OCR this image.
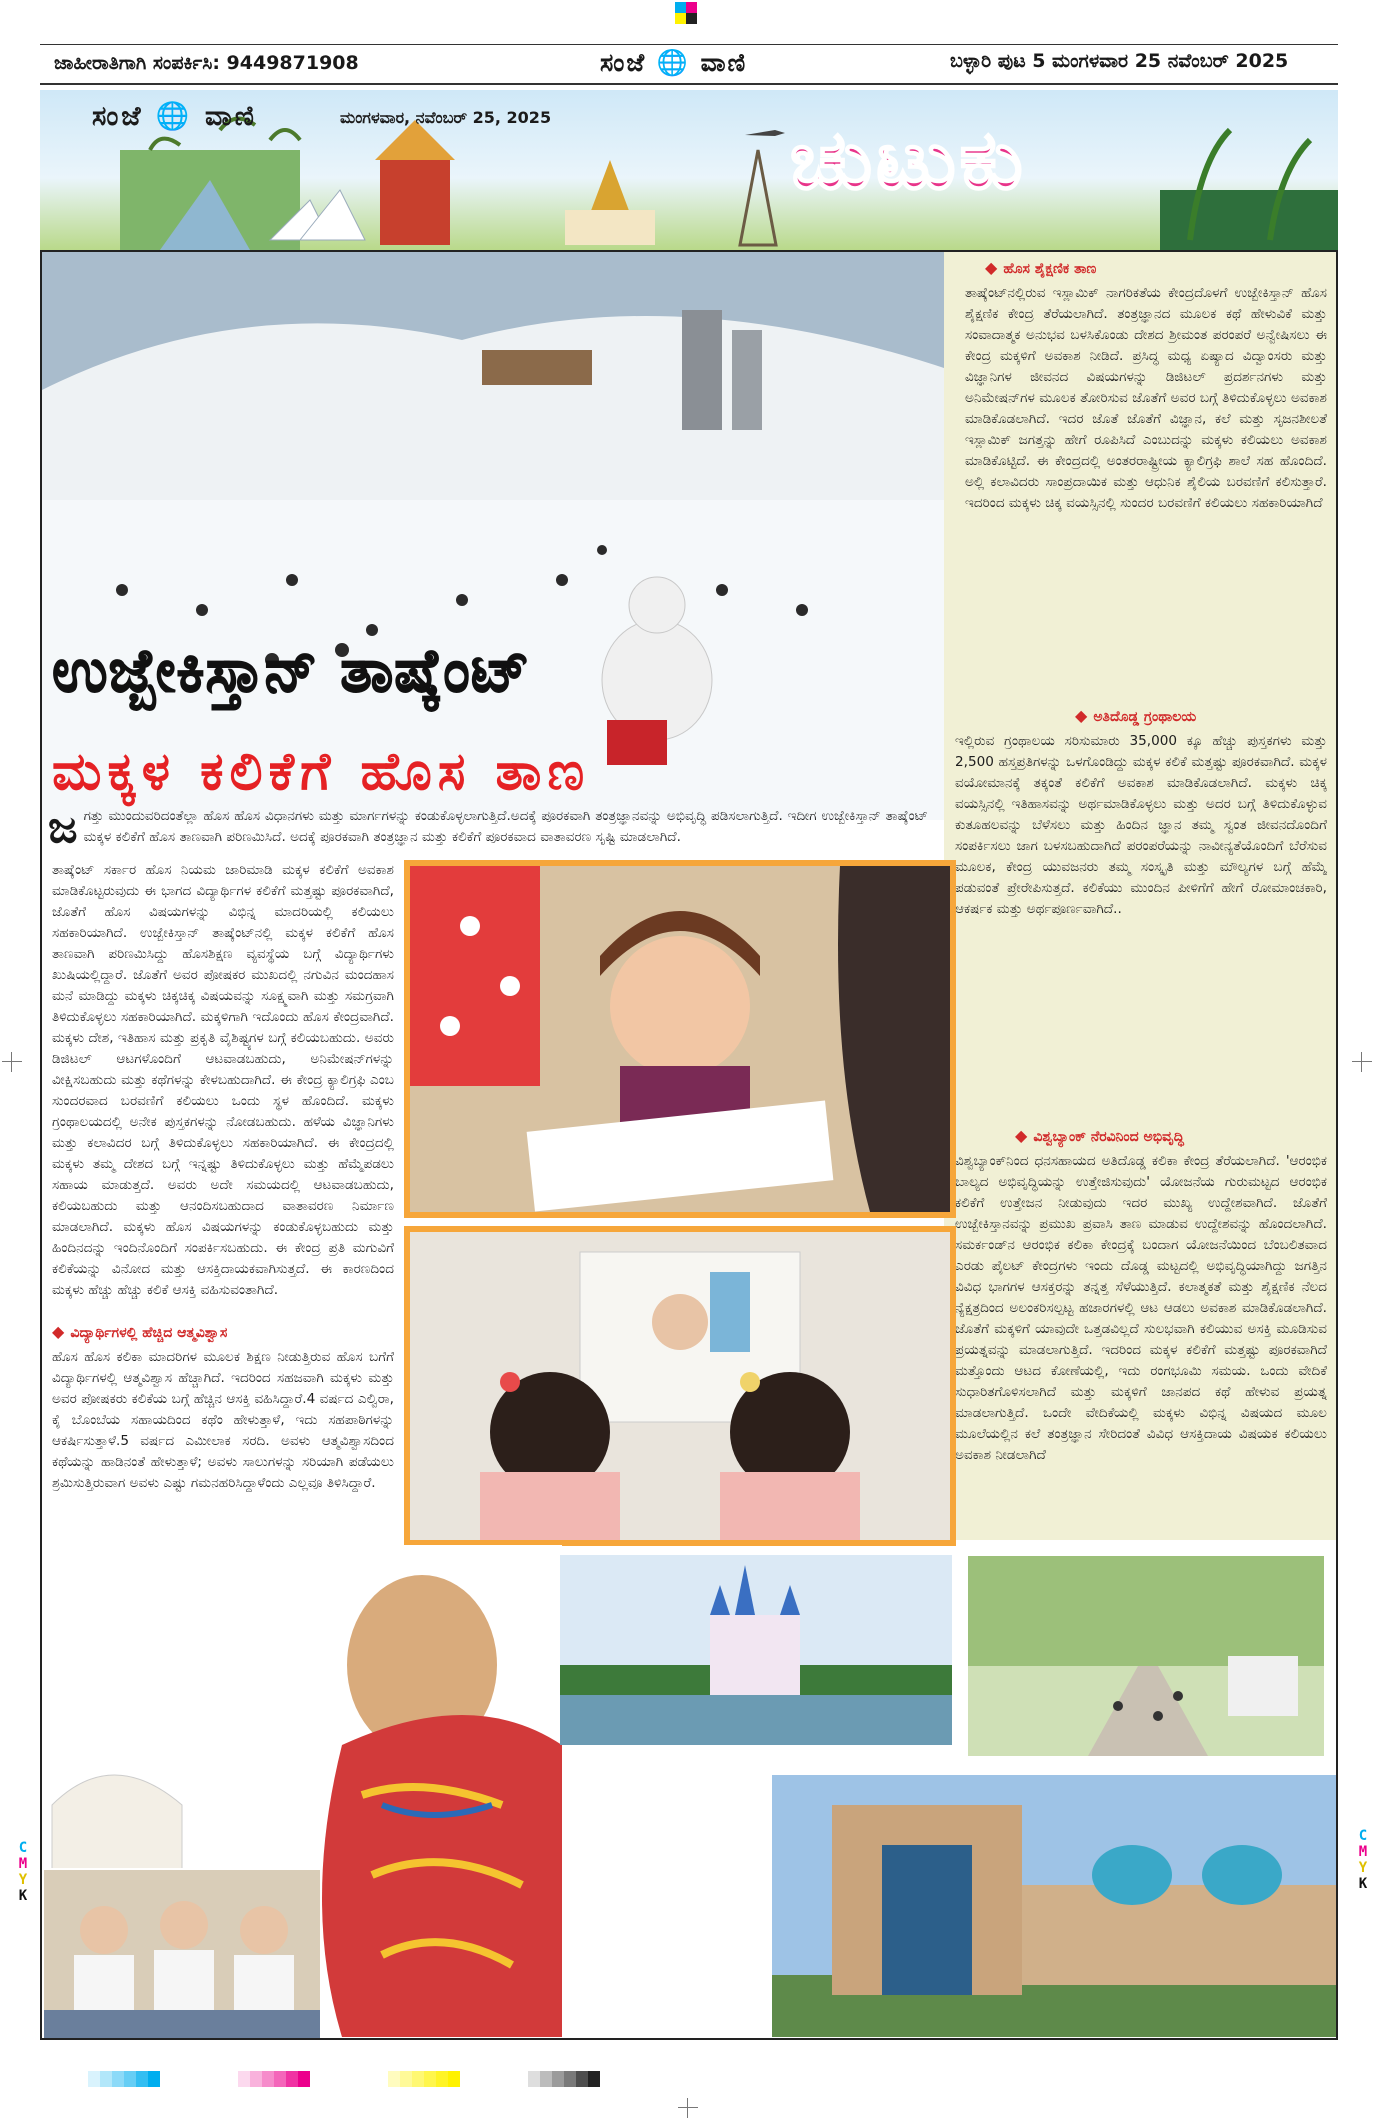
C
M
Y
K
C
M
Y
K
ಜಾಹೀರಾತಿಗಾಗಿ ಸಂಪರ್ಕಿಸಿ: 9449871908	ಸಂಜೆ 🌐 ವಾಣಿ	ಬಳ್ಳಾರಿ ಪುಟ 5 ಮಂಗಳವಾರ 25 ನವೆಂಬರ್ 2025
ಸಂಜೆ 🌐 ವಾಣಿ	ಮಂಗಳವಾರ, ನವೆಂಬರ್ 25, 2025	ಚುಟುಕು
ಉಜ್ಬೇಕಿಸ್ತಾನ್ ತಾಷ್ಕೆಂಟ್
ಮಕ್ಕಳ ಕಲಿಕೆಗೆ ಹೊಸ ತಾಣ
◆ ಹೊಸ ಶೈಕ್ಷಣಿಕ ತಾಣ
ತಾಷ್ಕೆಂಟ್‌ನಲ್ಲಿರುವ ಇಸ್ಲಾಮಿಕ್ ನಾಗರಿಕತೆಯ ಕೇಂದ್ರದೊಳಗೆ ಉಜ್ಬೇಕಿಸ್ತಾನ್ ಹೊಸ ಶೈಕ್ಷಣಿಕ ಕೇಂದ್ರ ತೆರೆಯಲಾಗಿದೆ. ತಂತ್ರಜ್ಞಾನದ ಮೂಲಕ ಕಥೆ ಹೇಳುವಿಕೆ ಮತ್ತು ಸಂವಾದಾತ್ಮಕ ಅನುಭವ ಬಳಸಿಕೊಂಡು ದೇಶದ ಶ್ರೀಮಂತ ಪರಂಪರೆ ಅನ್ವೇಷಿಸಲು ಈ ಕೇಂದ್ರ ಮಕ್ಕಳಿಗೆ ಅವಕಾಶ ನೀಡಿದೆ. ಪ್ರಸಿದ್ಧ ಮಧ್ಯ ಏಷ್ಯಾದ ವಿದ್ವಾಂಸರು ಮತ್ತು ವಿಜ್ಞಾನಿಗಳ ಜೀವನದ ವಿಷಯಗಳನ್ನು ಡಿಜಿಟಲ್ ಪ್ರದರ್ಶನಗಳು ಮತ್ತು ಅನಿಮೇಷನ್‌ಗಳ ಮೂಲಕ ತೋರಿಸುವ ಜೊತೆಗೆ ಅವರ ಬಗ್ಗೆ ತಿಳಿದುಕೊಳ್ಳಲು ಅವಕಾಶ ಮಾಡಿಕೊಡಲಾಗಿದೆ. ಇದರ ಜೊತೆ ಜೊತೆಗೆ ವಿಜ್ಞಾನ, ಕಲೆ ಮತ್ತು ಸೃಜನಶೀಲತೆ ಇಸ್ಲಾಮಿಕ್ ಜಗತ್ತನ್ನು ಹೇಗೆ ರೂಪಿಸಿದೆ ಎಂಬುದನ್ನು ಮಕ್ಕಳು ಕಲಿಯಲು ಅವಕಾಶ ಮಾಡಿಕೊಟ್ಟಿದೆ. ಈ ಕೇಂದ್ರದಲ್ಲಿ ಅಂತರರಾಷ್ಟ್ರೀಯ ಕ್ಯಾಲಿಗ್ರಫಿ ಶಾಲೆ ಸಹ ಹೊಂದಿದೆ. ಅಲ್ಲಿ ಕಲಾವಿದರು ಸಾಂಪ್ರದಾಯಿಕ ಮತ್ತು ಆಧುನಿಕ ಶೈಲಿಯ ಬರವಣಿಗೆ ಕಲಿಸುತ್ತಾರೆ. ಇದರಿಂದ ಮಕ್ಕಳು ಚಿಕ್ಕ ವಯಸ್ಸಿನಲ್ಲಿ ಸುಂದರ ಬರವಣಿಗೆ ಕಲಿಯಲು ಸಹಕಾರಿಯಾಗಿದೆ
◆ ಅತಿದೊಡ್ಡ ಗ್ರಂಥಾಲಯ
ಇಲ್ಲಿರುವ ಗ್ರಂಥಾಲಯ ಸರಿಸುಮಾರು 35,000 ಕ್ಕೂ ಹೆಚ್ಚು ಪುಸ್ತಕಗಳು ಮತ್ತು 2,500 ಹಸ್ತಪ್ರತಿಗಳನ್ನು ಒಳಗೊಂಡಿದ್ದು ಮಕ್ಕಳ ಕಲಿಕೆ ಮತ್ತಷ್ಟು ಪೂರಕವಾಗಿದೆ. ಮಕ್ಕಳ ವಯೋಮಾನಕ್ಕೆ ತಕ್ಕಂತೆ ಕಲಿಕೆಗೆ ಅವಕಾಶ ಮಾಡಿಕೊಡಲಾಗಿದೆ. ಮಕ್ಕಳು ಚಿಕ್ಕ ವಯಸ್ಸಿನಲ್ಲಿ ಇತಿಹಾಸವನ್ನು ಅರ್ಥಮಾಡಿಕೊಳ್ಳಲು ಮತ್ತು ಅದರ ಬಗ್ಗೆ ತಿಳಿದುಕೊಳ್ಳುವ ಕುತೂಹಲವನ್ನು ಬೆಳೆಸಲು ಮತ್ತು ಹಿಂದಿನ ಜ್ಞಾನ ತಮ್ಮ ಸ್ವಂತ ಜೀವನದೊಂದಿಗೆ ಸಂಪರ್ಕಿಸಲು ಜಾಗ ಬಳಸಬಹುದಾಗಿದೆ ಪರಂಪರೆಯನ್ನು ನಾವೀನ್ಯತೆಯೊಂದಿಗೆ ಬೆರೆಸುವ ಮೂಲಕ, ಕೇಂದ್ರ ಯುವಜನರು ತಮ್ಮ ಸಂಸ್ಕೃತಿ ಮತ್ತು ಮೌಲ್ಯಗಳ ಬಗ್ಗೆ ಹೆಮ್ಮೆ ಪಡುವಂತೆ ಪ್ರೇರೇಪಿಸುತ್ತದೆ. ಕಲಿಕೆಯು ಮುಂದಿನ ಪೀಳಿಗೆಗೆ ಹೇಗೆ ರೋಮಾಂಚಕಾರಿ, ಆಕರ್ಷಕ ಮತ್ತು ಅರ್ಥಪೂರ್ಣವಾಗಿದೆ..
◆ ವಿಶ್ವಬ್ಯಾಂಕ್ ನೆರವಿನಿಂದ ಅಭಿವೃದ್ಧಿ
ವಿಶ್ವಬ್ಯಾಂಕ್‌ನಿಂದ ಧನಸಹಾಯದ ಅತಿದೊಡ್ಡ ಕಲಿಕಾ ಕೇಂದ್ರ ತೆರೆಯಲಾಗಿದೆ. 'ಆರಂಭಿಕ ಬಾಲ್ಯದ ಅಭಿವೃದ್ಧಿಯನ್ನು ಉತ್ತೇಜಿಸುವುದು' ಯೋಜನೆಯ ಗುರುಮಟ್ಟದ ಆರಂಭಿಕ ಕಲಿಕೆಗೆ ಉತ್ತೇಜನ ನೀಡುವುದು ಇದರ ಮುಖ್ಯ ಉದ್ದೇಶವಾಗಿದೆ. ಜೊತೆಗೆ ಉಜ್ಬೇಕಿಸ್ತಾನವನ್ನು ಪ್ರಮುಖ ಪ್ರವಾಸಿ ತಾಣ ಮಾಡುವ ಉದ್ದೇಶವನ್ನು ಹೊಂದಲಾಗಿದೆ. ಸಮರ್ಕಂಡ್‌ನ ಆರಂಭಿಕ ಕಲಿಕಾ ಕೇಂದ್ರಕ್ಕೆ ಬಂದಾಗ ಯೋಜನೆಯಿಂದ ಬೆಂಬಲಿತವಾದ ಎರಡು ಪೈಲಟ್ ಕೇಂದ್ರಗಳು ಇಂದು ದೊಡ್ಡ ಮಟ್ಟದಲ್ಲಿ ಅಭಿವೃದ್ಧಿಯಾಗಿದ್ದು ಜಗತ್ತಿನ ವಿವಿಧ ಭಾಗಗಳ ಆಸಕ್ತರನ್ನು ತನ್ನತ್ತ ಸೆಳೆಯುತ್ತಿದೆ. ಕಲಾತ್ಮಕತೆ ಮತ್ತು ಶೈಕ್ಷಣಿಕ ನೆಲದ ನ್ಯೆಕ್ಷತ್ರದಿಂದ ಅಲಂಕರಿಸಲ್ಪಟ್ಟ ಹಜಾರಗಳಲ್ಲಿ ಆಟ ಆಡಲು ಅವಕಾಶ ಮಾಡಿಕೊಡಲಾಗಿದೆ. ಜೊತೆಗೆ ಮಕ್ಕಳಿಗೆ ಯಾವುದೇ ಒತ್ತಡವಿಲ್ಲದೆ ಸುಲಭವಾಗಿ ಕಲಿಯುವ ಅಸಕ್ತಿ ಮೂಡಿಸುವ ಪ್ರಯತ್ನವನ್ನು ಮಾಡಲಾಗುತ್ತಿದೆ. ಇದರಿಂದ ಮಕ್ಕಳ ಕಲಿಕೆಗೆ ಮತ್ತಷ್ಟು ಪೂರಕವಾಗಿದೆ ಮತ್ತೊಂದು ಆಟದ ಕೋಣೆಯಲ್ಲಿ, ಇದು ರಂಗಭೂಮಿ ಸಮಯ. ಒಂದು ವೇದಿಕೆ ಸುಧಾರಿತಗೊಳಿಸಲಾಗಿದೆ ಮತ್ತು ಮಕ್ಕಳಿಗೆ ಜಾನಪದ ಕಥೆ ಹೇಳುವ ಪ್ರಯತ್ನ ಮಾಡಲಾಗುತ್ತಿದೆ. ಒಂದೇ ವೇದಿಕೆಯಲ್ಲಿ ಮಕ್ಕಳು ವಿಭಿನ್ನ ವಿಷಯದ ಮೂಲ ಮೂಲೆಯಲ್ಲಿನ ಕಲೆ ತಂತ್ರಜ್ಞಾನ ಸೇರಿದಂತೆ ವಿವಿಧ ಆಸಕ್ತಿದಾಯ ವಿಷಯಕ ಕಲಿಯಲು ಅವಕಾಶ ನೀಡಲಾಗಿದೆ
ಜ ಗತ್ತು ಮುಂದುವರಿದಂತೆಲ್ಲಾ ಹೊಸ ಹೊಸ ವಿಧಾನಗಳು ಮತ್ತು ಮಾರ್ಗಗಳನ್ನು ಕಂಡುಕೊಳ್ಳಲಾಗುತ್ತಿದೆ.ಅದಕ್ಕೆ ಪೂರಕವಾಗಿ ತಂತ್ರಜ್ಞಾನವನ್ನು ಅಭಿವೃದ್ಧಿ ಪಡಿಸಲಾಗುತ್ತಿದೆ. ಇದೀಗ ಉಜ್ಬೇಕಿಸ್ತಾನ್ ತಾಷ್ಕೆಂಟ್ ಮಕ್ಕಳ ಕಲಿಕೆಗೆ ಹೊಸ ತಾಣವಾಗಿ ಪರಿಣಮಿಸಿದೆ. ಅದಕ್ಕೆ ಪೂರಕವಾಗಿ ತಂತ್ರಜ್ಞಾನ ಮತ್ತು ಕಲಿಕೆಗೆ ಪೂರಕವಾದ ವಾತಾವರಣ ಸೃಷ್ಟಿ ಮಾಡಲಾಗಿದೆ.
ತಾಷ್ಕೆಂಟ್ ಸರ್ಕಾರ ಹೊಸ ನಿಯಮ ಜಾರಿಮಾಡಿ ಮಕ್ಕಳ ಕಲಿಕೆಗೆ ಅವಕಾಶ ಮಾಡಿಕೊಟ್ಟರುವುದು ಈ ಭಾಗದ ವಿದ್ಯಾರ್ಥಿಗಳ ಕಲಿಕೆಗೆ ಮತ್ತಷ್ಟು ಪೂರಕವಾಗಿದೆ, ಜೊತೆಗೆ ಹೊಸ ವಿಷಯಗಳನ್ನು ವಿಭಿನ್ನ ಮಾದರಿಯಲ್ಲಿ ಕಲಿಯಲು ಸಹಕಾರಿಯಾಗಿದೆ. ಉಜ್ಬೇಕಿಸ್ತಾನ್ ತಾಷ್ಕೆಂಟ್‌ನಲ್ಲಿ ಮಕ್ಕಳ ಕಲಿಕೆಗೆ ಹೊಸ ತಾಣವಾಗಿ ಪರಿಣಮಿಸಿದ್ದು ಹೊಸಶಿಕ್ಷಣ ವ್ಯವಸ್ಥೆಯ ಬಗ್ಗೆ ವಿದ್ಯಾರ್ಥಿಗಳು ಖುಷಿಯಲ್ಲಿದ್ದಾರೆ. ಜೊತೆಗೆ ಅವರ ಪೋಷಕರ ಮುಖದಲ್ಲಿ ನಗುವಿನ ಮಂದಹಾಸ ಮನೆ ಮಾಡಿದ್ದು ಮಕ್ಕಳು ಚಿಕ್ಕಚಿಕ್ಕ ವಿಷಯವನ್ನು ಸೂಕ್ಷ್ಮವಾಗಿ ಮತ್ತು ಸಮಗ್ರವಾಗಿ ತಿಳಿದುಕೊಳ್ಳಲು ಸಹಕಾರಿಯಾಗಿದೆ. ಮಕ್ಕಳಿಗಾಗಿ ಇದೊಂದು ಹೊಸ ಕೇಂದ್ರವಾಗಿದೆ. ಮಕ್ಕಳು ದೇಶ, ಇತಿಹಾಸ ಮತ್ತು ಪ್ರಕೃತಿ ವೈಶಿಷ್ಟ್ಯಗಳ ಬಗ್ಗೆ ಕಲಿಯಬಹುದು. ಅವರು ಡಿಜಿಟಲ್ ಆಟಗಳೊಂದಿಗೆ ಆಟವಾಡಬಹುದು, ಅನಿಮೇಷನ್‌ಗಳನ್ನು ವೀಕ್ಷಿಸಬಹುದು ಮತ್ತು ಕಥೆಗಳನ್ನು ಕೇಳಬಹುದಾಗಿದೆ. ಈ ಕೇಂದ್ರ ಕ್ಯಾಲಿಗ್ರಫಿ ಎಂಬ ಸುಂದರವಾದ ಬರವಣಿಗೆ ಕಲಿಯಲು ಒಂದು ಸ್ಥಳ ಹೊಂದಿದೆ. ಮಕ್ಕಳು ಗ್ರಂಥಾಲಯದಲ್ಲಿ ಅನೇಕ ಪುಸ್ತಕಗಳನ್ನು ನೋಡಬಹುದು. ಹಳೆಯ ವಿಜ್ಞಾನಿಗಳು ಮತ್ತು ಕಲಾವಿದರ ಬಗ್ಗೆ ತಿಳಿದುಕೊಳ್ಳಲು ಸಹಕಾರಿಯಾಗಿದೆ. ಈ ಕೇಂದ್ರದಲ್ಲಿ ಮಕ್ಕಳು ತಮ್ಮ ದೇಶದ ಬಗ್ಗೆ ಇನ್ನಷ್ಟು ತಿಳಿದುಕೊಳ್ಳಲು ಮತ್ತು ಹೆಮ್ಮೆಪಡಲು ಸಹಾಯ ಮಾಡುತ್ತದೆ. ಅವರು ಅದೇ ಸಮಯದಲ್ಲಿ ಆಟವಾಡಬಹುದು, ಕಲಿಯಬಹುದು ಮತ್ತು ಆನಂದಿಸಬಹುದಾದ ವಾತಾವರಣ ನಿರ್ಮಾಣ ಮಾಡಲಾಗಿದೆ. ಮಕ್ಕಳು ಹೊಸ ವಿಷಯಗಳನ್ನು ಕಂಡುಕೊಳ್ಳಬಹುದು ಮತ್ತು ಹಿಂದಿನದನ್ನು ಇಂದಿನೊಂದಿಗೆ ಸಂಪರ್ಕಿಸಬಹುದು. ಈ ಕೇಂದ್ರ ಪ್ರತಿ ಮಗುವಿಗೆ ಕಲಿಕೆಯನ್ನು ವಿನೋದ ಮತ್ತು ಆಸಕ್ತಿದಾಯಕವಾಗಿಸುತ್ತದೆ. ಈ ಕಾರಣದಿಂದ ಮಕ್ಕಳು ಹೆಚ್ಚು ಹೆಚ್ಚು ಕಲಿಕೆ ಆಸಕ್ತಿ ವಹಿಸುವಂತಾಗಿದೆ.
◆ ವಿದ್ಯಾರ್ಥಿಗಳಲ್ಲಿ ಹೆಚ್ಚಿದ ಆತ್ಮವಿಶ್ವಾಸ
ಹೊಸ ಹೊಸ ಕಲಿಕಾ ಮಾದರಿಗಳ ಮೂಲಕ ಶಿಕ್ಷಣ ನೀಡುತ್ತಿರುವ ಹೊಸ ಬಗೆಗೆ ವಿದ್ಯಾರ್ಥಿಗಳಲ್ಲಿ ಆತ್ಮವಿಶ್ವಾಸ ಹೆಚ್ಚಾಗಿದೆ. ಇದರಿಂದ ಸಹಜವಾಗಿ ಮಕ್ಕಳು ಮತ್ತು ಅವರ ಪೋಷಕರು ಕಲಿಕೆಯ ಬಗ್ಗೆ ಹೆಚ್ಚಿನ ಆಸಕ್ತಿ ವಹಿಸಿದ್ದಾರೆ.4 ವರ್ಷದ ಎಲ್ವಿರಾ, ಕೈ ಬೊಂಬೆಯ ಸಹಾಯದಿಂದ ಕಥೆಂ ಹೇಳುತ್ತಾಳೆ, ಇದು ಸಹಪಾಠಿಗಳನ್ನು ಆಕರ್ಷಿಸುತ್ತಾಳೆ.5 ವರ್ಷದ ಎಮೀಲಾಕ ಸರದಿ. ಅವಳು ಆತ್ಮವಿಶ್ವಾಸದಿಂದ ಕಥೆಯನ್ನು ಹಾಡಿನಂತೆ ಹೇಳುತ್ತಾಳೆ; ಅವಳು ಸಾಲುಗಳನ್ನು ಸರಿಯಾಗಿ ಪಡೆಯಲು ಶ್ರಮಿಸುತ್ತಿರುವಾಗ ಅವಳು ಎಷ್ಟು ಗಮನಹರಿಸಿದ್ದಾಳೆಂದು ಎಲ್ಲವೂ ತಿಳಿಸಿದ್ದಾರೆ.
